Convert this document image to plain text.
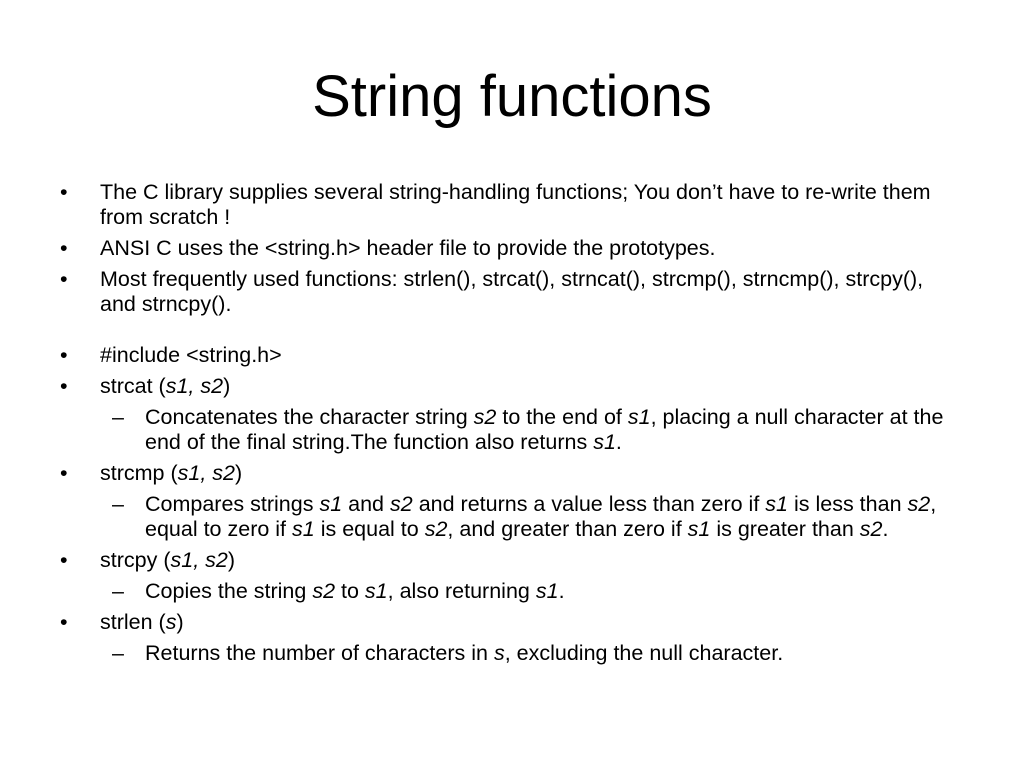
String functions
• The C library supplies several string-handling functions; You don’t have to re-write them from scratch !
• ANSI C uses the <string.h> header file to provide the prototypes.
• Most frequently used functions: strlen(), strcat(), strncat(), strcmp(), strncmp(), strcpy(), and strncpy().
• #include <string.h>
• strcat (s1, s2)
– Concatenates the character string s2 to the end of s1, placing a null character at the end of the final string.The function also returns s1.
• strcmp (s1, s2)
– Compares strings s1 and s2 and returns a value less than zero if s1 is less than s2, equal to zero if s1 is equal to s2, and greater than zero if s1 is greater than s2.
• strcpy (s1, s2)
– Copies the string s2 to s1, also returning s1.
• strlen (s)
– Returns the number of characters in s, excluding the null character.
